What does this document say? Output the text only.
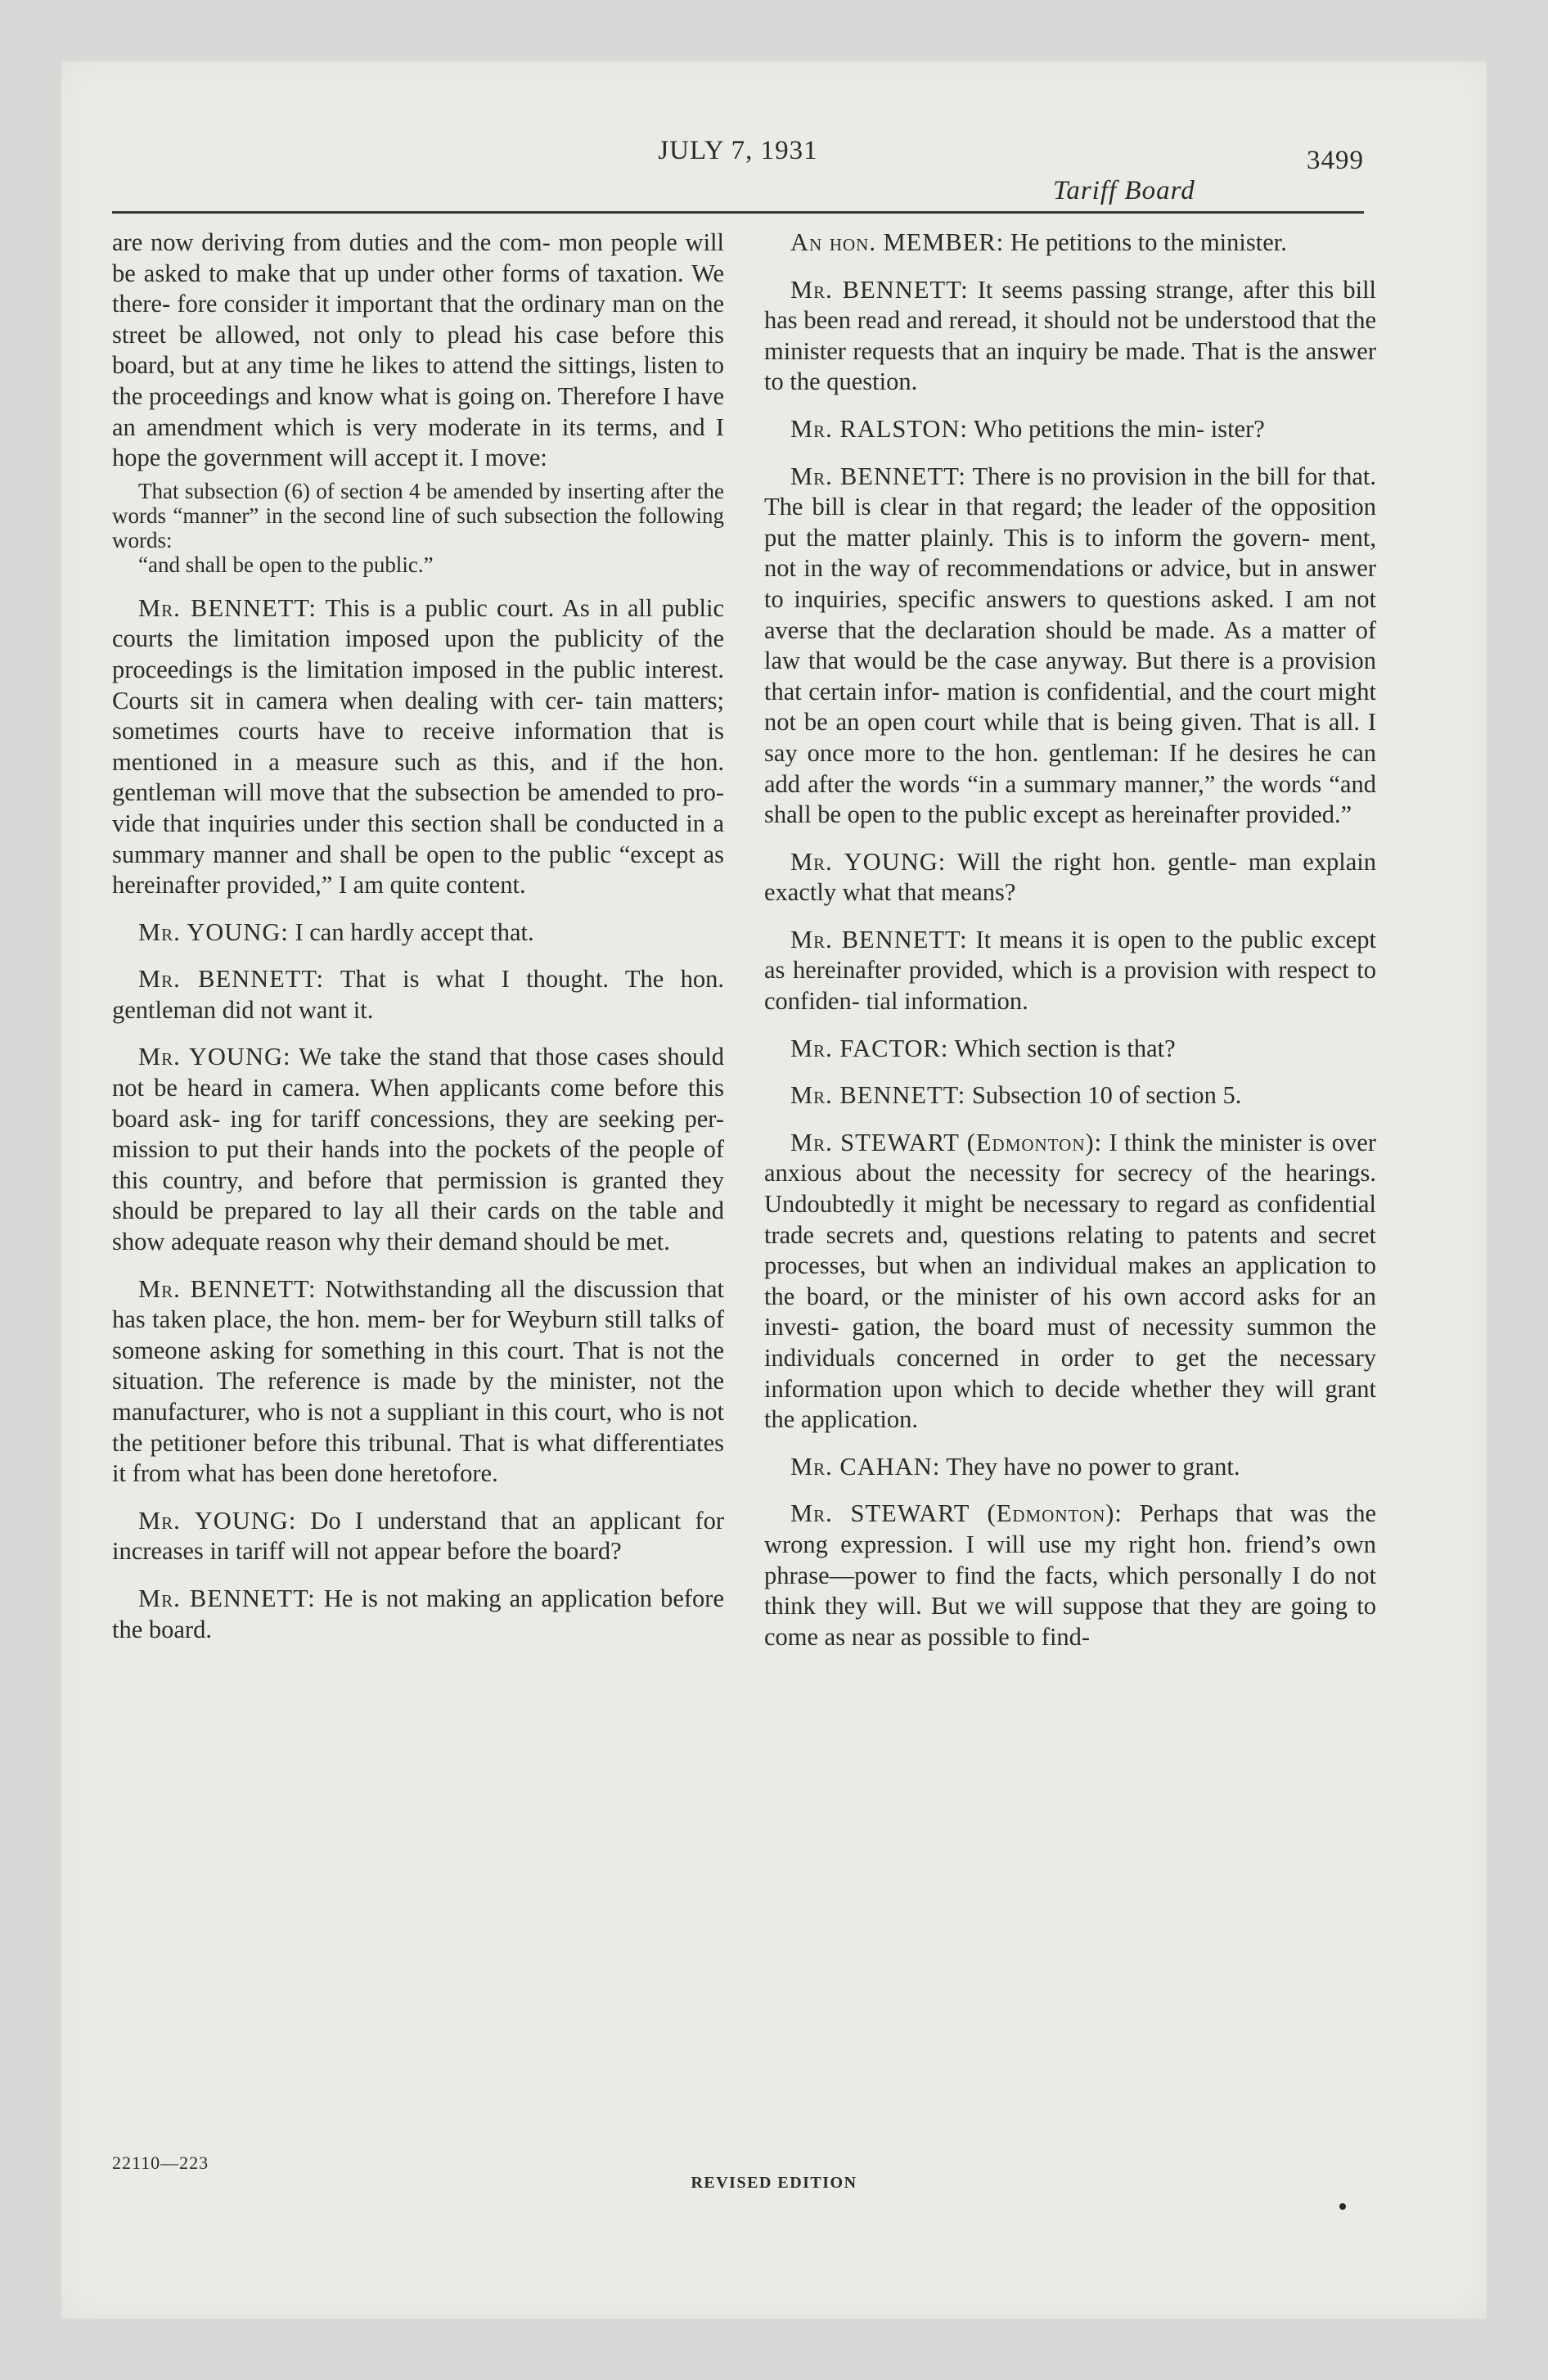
JULY 7, 1931
Tariff Board
3499

are now deriving from duties and the com- mon people will be asked to make that up under other forms of taxation. We there- fore consider it important that the ordinary man on the street be allowed, not only to plead his case before this board, but at any time he likes to attend the sittings, listen to the proceedings and know what is going on. Therefore I have an amendment which is very moderate in its terms, and I hope the government will accept it. I move:

That subsection (6) of section 4 be amended by inserting after the words “manner” in the second line of such subsection the following words:

“and shall be open to the public.”

Mr. BENNETT: This is a public court. As in all public courts the limitation imposed upon the publicity of the proceedings is the limitation imposed in the public interest. Courts sit in camera when dealing with cer- tain matters; sometimes courts have to receive information that is mentioned in a measure such as this, and if the hon. gentleman will move that the subsection be amended to pro- vide that inquiries under this section shall be conducted in a summary manner and shall be open to the public “except as hereinafter provided,” I am quite content.

Mr. YOUNG: I can hardly accept that.

Mr. BENNETT: That is what I thought. The hon. gentleman did not want it.

Mr. YOUNG: We take the stand that those cases should not be heard in camera. When applicants come before this board ask- ing for tariff concessions, they are seeking per- mission to put their hands into the pockets of the people of this country, and before that permission is granted they should be prepared to lay all their cards on the table and show adequate reason why their demand should be met.

Mr. BENNETT: Notwithstanding all the discussion that has taken place, the hon. mem- ber for Weyburn still talks of someone asking for something in this court. That is not the situation. The reference is made by the minister, not the manufacturer, who is not a suppliant in this court, who is not the petitioner before this tribunal. That is what differentiates it from what has been done heretofore.

Mr. YOUNG: Do I understand that an applicant for increases in tariff will not appear before the board?

Mr. BENNETT: He is not making an application before the board.

An hon. MEMBER: He petitions to the minister.

Mr. BENNETT: It seems passing strange, after this bill has been read and reread, it should not be understood that the minister requests that an inquiry be made. That is the answer to the question.

Mr. RALSTON: Who petitions the min- ister?

Mr. BENNETT: There is no provision in the bill for that. The bill is clear in that regard; the leader of the opposition put the matter plainly. This is to inform the govern- ment, not in the way of recommendations or advice, but in answer to inquiries, specific answers to questions asked. I am not averse that the declaration should be made. As a matter of law that would be the case anyway. But there is a provision that certain infor- mation is confidential, and the court might not be an open court while that is being given. That is all. I say once more to the hon. gentleman: If he desires he can add after the words “in a summary manner,” the words “and shall be open to the public except as hereinafter provided.”

Mr. YOUNG: Will the right hon. gentle- man explain exactly what that means?

Mr. BENNETT: It means it is open to the public except as hereinafter provided, which is a provision with respect to confiden- tial information.

Mr. FACTOR: Which section is that?

Mr. BENNETT: Subsection 10 of section 5.

Mr. STEWART (Edmonton): I think the minister is over anxious about the necessity for secrecy of the hearings. Undoubtedly it might be necessary to regard as confidential trade secrets and, questions relating to patents and secret processes, but when an individual makes an application to the board, or the minister of his own accord asks for an investi- gation, the board must of necessity summon the individuals concerned in order to get the necessary information upon which to decide whether they will grant the application.

Mr. CAHAN: They have no power to grant.

Mr. STEWART (Edmonton): Perhaps that was the wrong expression. I will use my right hon. friend’s own phrase—power to find the facts, which personally I do not think they will. But we will suppose that they are going to come as near as possible to find-

22110—223
REVISED EDITION
